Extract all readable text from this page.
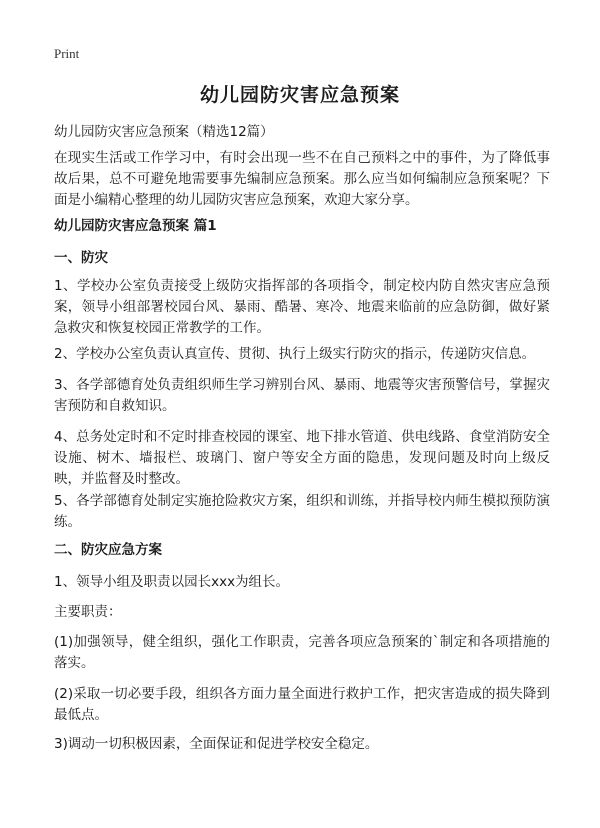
Print
幼儿园防灾害应急预案
幼儿园防灾害应急预案（精选12篇）

在现实生活或工作学习中，有时会出现一些不在自己预料之中的事件，为了降低事故后果，总不可避免地需要事先编制应急预案。那么应当如何编制应急预案呢？下面是小编精心整理的幼儿园防灾害应急预案，欢迎大家分享。

幼儿园防灾害应急预案 篇1

一、防灾

1、学校办公室负责接受上级防灾指挥部的各项指令，制定校内防自然灾害应急预案，领导小组部署校园台风、暴雨、酷暑、寒冷、地震来临前的应急防御，做好紧急救灾和恢复校园正常教学的工作。

2、学校办公室负责认真宣传、贯彻、执行上级实行防灾的指示，传递防灾信息。

3、各学部德育处负责组织师生学习辨别台风、暴雨、地震等灾害预警信号，掌握灾害预防和自救知识。

4、总务处定时和不定时排查校园的课室、地下排水管道、供电线路、食堂消防安全设施、树木、墙报栏、玻璃门、窗户等安全方面的隐患，发现问题及时向上级反映，并监督及时整改。

5、各学部德育处制定实施抢险救灾方案，组织和训练，并指导校内师生模拟预防演练。

二、防灾应急方案

1、领导小组及职责以园长xxx为组长。

主要职责：

(1)加强领导，健全组织，强化工作职责，完善各项应急预案的`制定和各项措施的落实。

(2)采取一切必要手段，组织各方面力量全面进行救护工作，把灾害造成的损失降到最低点。

3)调动一切积极因素，全面保证和促进学校安全稳定。
